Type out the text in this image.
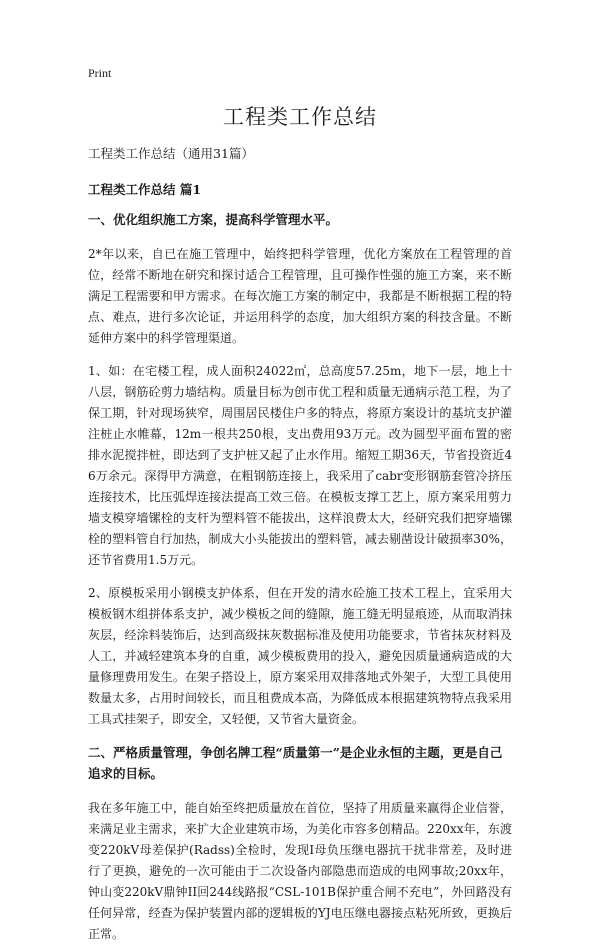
Print
工程类工作总结
工程类工作总结（通用31篇）
工程类工作总结 篇1
一、优化组织施工方案，提高科学管理水平。

2*年以来，自已在施工管理中，始终把科学管理，优化方案放在工程管理的首位，经常不断地在研究和探讨适合工程管理，且可操作性强的施工方案，来不断满足工程需要和甲方需求。在每次施工方案的制定中，我都是不断根据工程的特点、难点，进行多次论证，并运用科学的态度，加大组织方案的科技含量。不断延伸方案中的科学管理渠道。

1、如：在宅楼工程，成人面积24022㎡，总高度57.25m，地下一层，地上十八层，钢筋砼剪力墙结构。质量目标为创市优工程和质量无通病示范工程，为了保工期，针对现场狭窄，周围居民楼住户多的特点，将原方案设计的基坑支护灌注桩止水帷幕，12m一根共250根，支出费用93万元。改为圆型平面布置的密排水泥搅拌桩，即达到了支护桩又起了止水作用。缩短工期36天，节省投资近46万余元。深得甲方满意，在粗钢筋连接上，我采用了cabr变形钢筋套管冷挤压连接技术，比压弧焊连接法提高工效三倍。在模板支撑工艺上，原方案采用剪力墙支模穿墙镙栓的支杆为塑料管不能拔出，这样浪费太大，经研究我们把穿墙镙栓的塑料管自行加热，制成大小头能拔出的塑料管，减去剔凿设计破损率30%，还节省费用1.5万元。

2、原模板采用小钢模支护体系，但在开发的清水砼施工技术工程上，宜采用大模板钢木组拼体系支护，减少模板之间的缝隙，施工缝无明显痕迹，从而取消抹灰层，经涂料装饰后，达到高级抹灰数据标准及使用功能要求，节省抹灰材料及人工，并减轻建筑本身的自重，减少模板费用的投入，避免因质量通病造成的大量修理费用发生。在架子搭设上，原方案采用双排落地式外架子，大型工具使用数量太多，占用时间较长，而且租费成本高，为降低成本根据建筑物特点我采用工具式挂架子，即安全，又轻便，又节省大量资金。

二、严格质量管理，争创名牌工程“质量第一”是企业永恒的主题，更是自己追求的目标。

我在多年施工中，能自始至终把质量放在首位，坚持了用质量来赢得企业信誉，来满足业主需求，来扩大企业建筑市场，为美化市容多创精品。220xx年，东渡变220kV母差保护(Radss)全检时，发现I母负压继电器抗干扰非常差，及时进行了更换，避免的一次可能由于二次设备内部隐患而造成的电网事故;20xx年，钟山变220kV鼎钟II回244线路报“CSL-101B保护重合闸不充电”，外回路没有任何异常，经查为保护装置内部的逻辑板的YJ电压继电器接点粘死所致，更换后正常。
